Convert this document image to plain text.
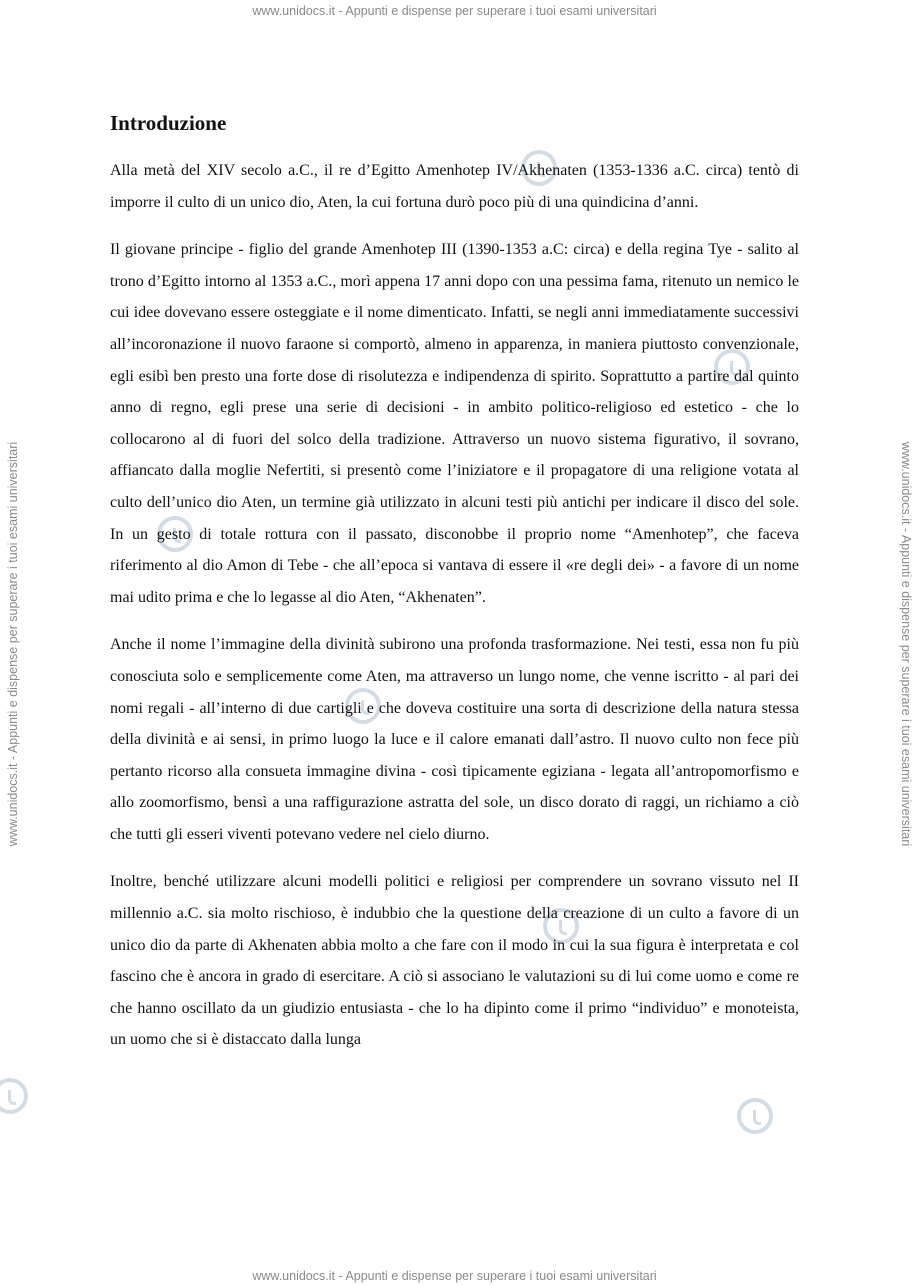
www.unidocs.it - Appunti e dispense per superare i tuoi esami universitari
www.unidocs.it - Appunti e dispense per superare i tuoi esami universitari
www.unidocs.it - Appunti e dispense per superare i tuoi esami universitari	www.unidocs.it - Appunti e dispense per superare i tuoi esami universitari
Introduzione

Alla metà del XIV secolo a.C., il re d’Egitto Amenhotep IV/Akhenaten (1353-1336 a.C. circa) tentò di imporre il culto di un unico dio, Aten, la cui fortuna durò poco più di una quindicina d’anni.

Il giovane principe - figlio del grande Amenhotep III (1390-1353 a.C: circa) e della regina Tye - salito al trono d’Egitto intorno al 1353 a.C., morì appena 17 anni dopo con una pessima fama, ritenuto un nemico le cui idee dovevano essere osteggiate e il nome dimenticato. Infatti, se negli anni immediatamente successivi all’incoronazione il nuovo faraone si comportò, almeno in apparenza, in maniera piuttosto convenzionale, egli esibì ben presto una forte dose di risolutezza e indipendenza di spirito. Soprattutto a partire dal quinto anno di regno, egli prese una serie di decisioni - in ambito politico-religioso ed estetico - che lo collocarono al di fuori del solco della tradizione. Attraverso un nuovo sistema figurativo, il sovrano, affiancato dalla moglie Nefertiti, si presentò come l’iniziatore e il propagatore di una religione votata al culto dell’unico dio Aten, un termine già utilizzato in alcuni testi più antichi per indicare il disco del sole. In un gesto di totale rottura con il passato, disconobbe il proprio nome “Amenhotep”, che faceva riferimento al dio Amon di Tebe - che all’epoca si vantava di essere il «re degli dei» - a favore di un nome mai udito prima e che lo legasse al dio Aten, “Akhenaten”.

Anche il nome l’immagine della divinità subirono una profonda trasformazione. Nei testi, essa non fu più conosciuta solo e semplicemente come Aten, ma attraverso un lungo nome, che venne iscritto - al pari dei nomi regali - all’interno di due cartigli e che doveva costituire una sorta di descrizione della natura stessa della divinità e ai sensi, in primo luogo la luce e il calore emanati dall’astro. Il nuovo culto non fece più pertanto ricorso alla consueta immagine divina - così tipicamente egiziana - legata all’antropomorfismo e allo zoomorfismo, bensì a una raffigurazione astratta del sole, un disco dorato di raggi, un richiamo a ciò che tutti gli esseri viventi potevano vedere nel cielo diurno.

Inoltre, benché utilizzare alcuni modelli politici e religiosi per comprendere un sovrano vissuto nel II millennio a.C. sia molto rischioso, è indubbio che la questione della creazione di un culto a favore di un unico dio da parte di Akhenaten abbia molto a che fare con il modo in cui la sua figura è interpretata e col fascino che è ancora in grado di esercitare. A ciò si associano le valutazioni su di lui come uomo e come re che hanno oscillato da un giudizio entusiasta - che lo ha dipinto come il primo “individuo” e monoteista, un uomo che si è distaccato dalla lunga
